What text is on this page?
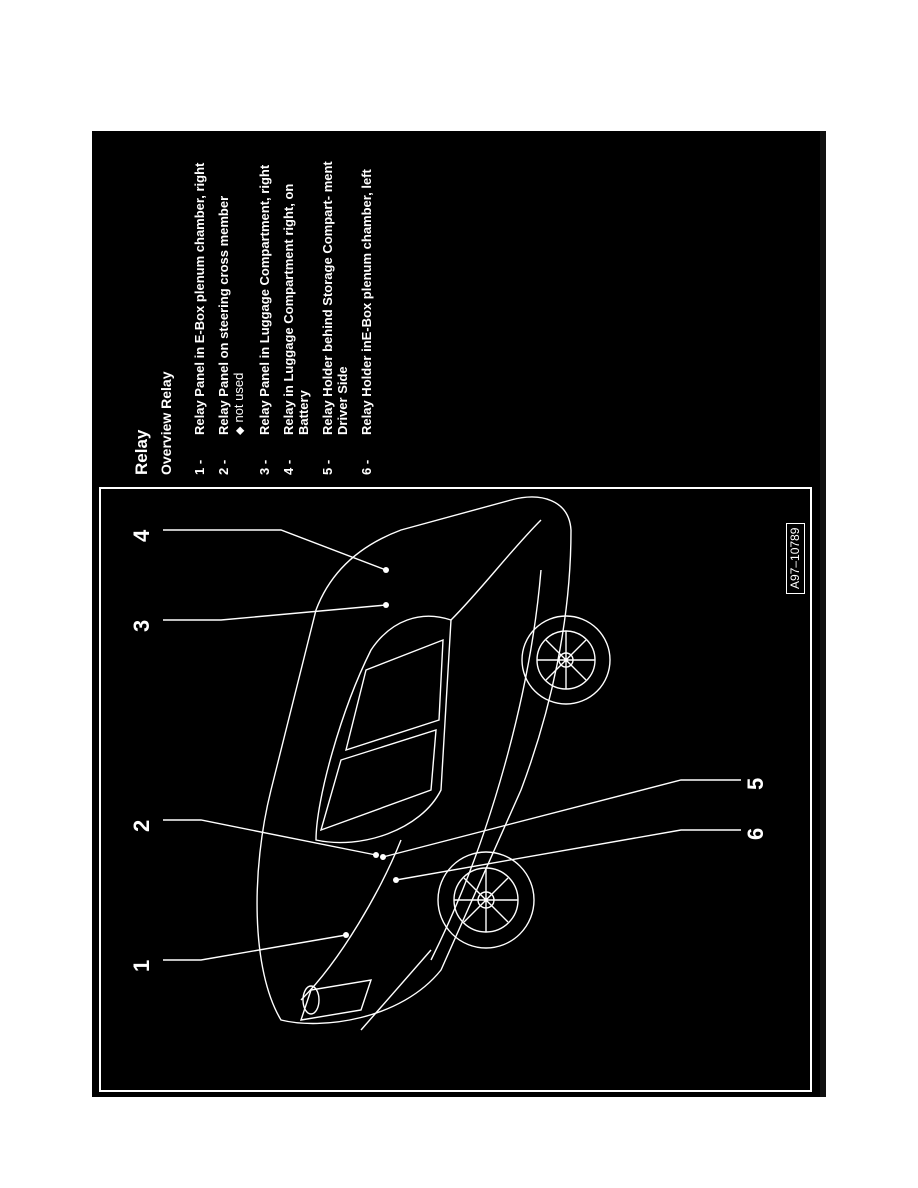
1
2
3
4
5
6
A97–10789
Relay Overview Relay 1 -
Relay Panel in E-Box plenum chamber, right
2 -
Relay Panel on steering cross member ◆not used
3 -
Relay Panel in Luggage Compartment, right
4 -
Relay in Luggage Compartment right, on Battery
5 -
Relay Holder behind Storage Compart- ment Driver Side
6 -
Relay Holder inE-Box plenum chamber, left
